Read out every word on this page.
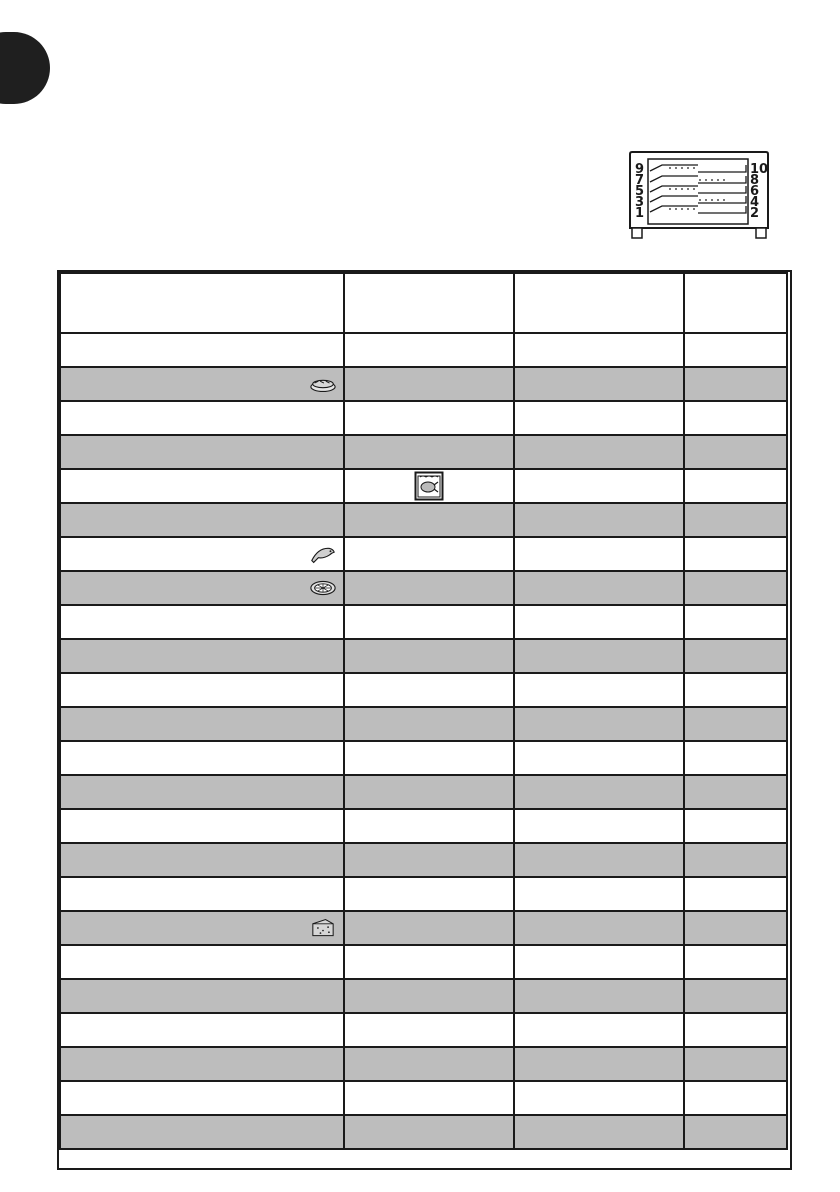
9
7
5
3
1
10
8
6
4
2
